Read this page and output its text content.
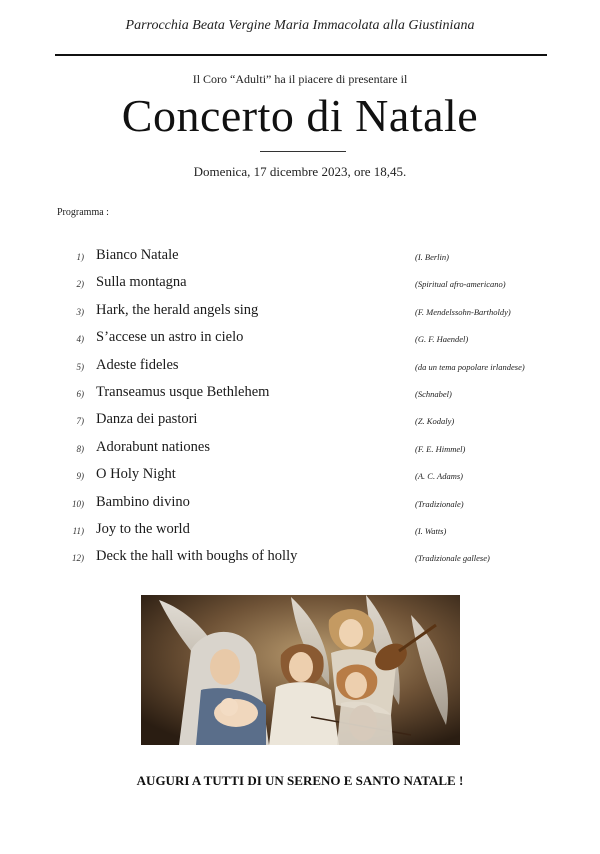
Parrocchia Beata Vergine Maria Immacolata alla Giustiniana
Il Coro “Adulti” ha il piacere di presentare il
Concerto di Natale
Domenica, 17 dicembre 2023, ore 18,45.
Programma :
1) Bianco Natale	(I. Berlin)
2) Sulla montagna	(Spiritual afro-americano)
3) Hark, the herald angels sing	(F. Mendelssohn-Bartholdy)
4) S’accese un astro in cielo	(G. F. Haendel)
5) Adeste fideles	(da un tema popolare irlandese)
6) Transeamus usque Bethlehem	(Schnabel)
7) Danza dei pastori	(Z. Kodaly)
8) Adorabunt nationes	(F. E. Himmel)
9) O Holy Night	(A. C. Adams)
10) Bambino divino	(Tradizionale)
11) Joy to the world	(I. Watts)
12) Deck the hall with boughs of holly	(Tradizionale gallese)
AUGURI A TUTTI DI UN SERENO E SANTO NATALE !
